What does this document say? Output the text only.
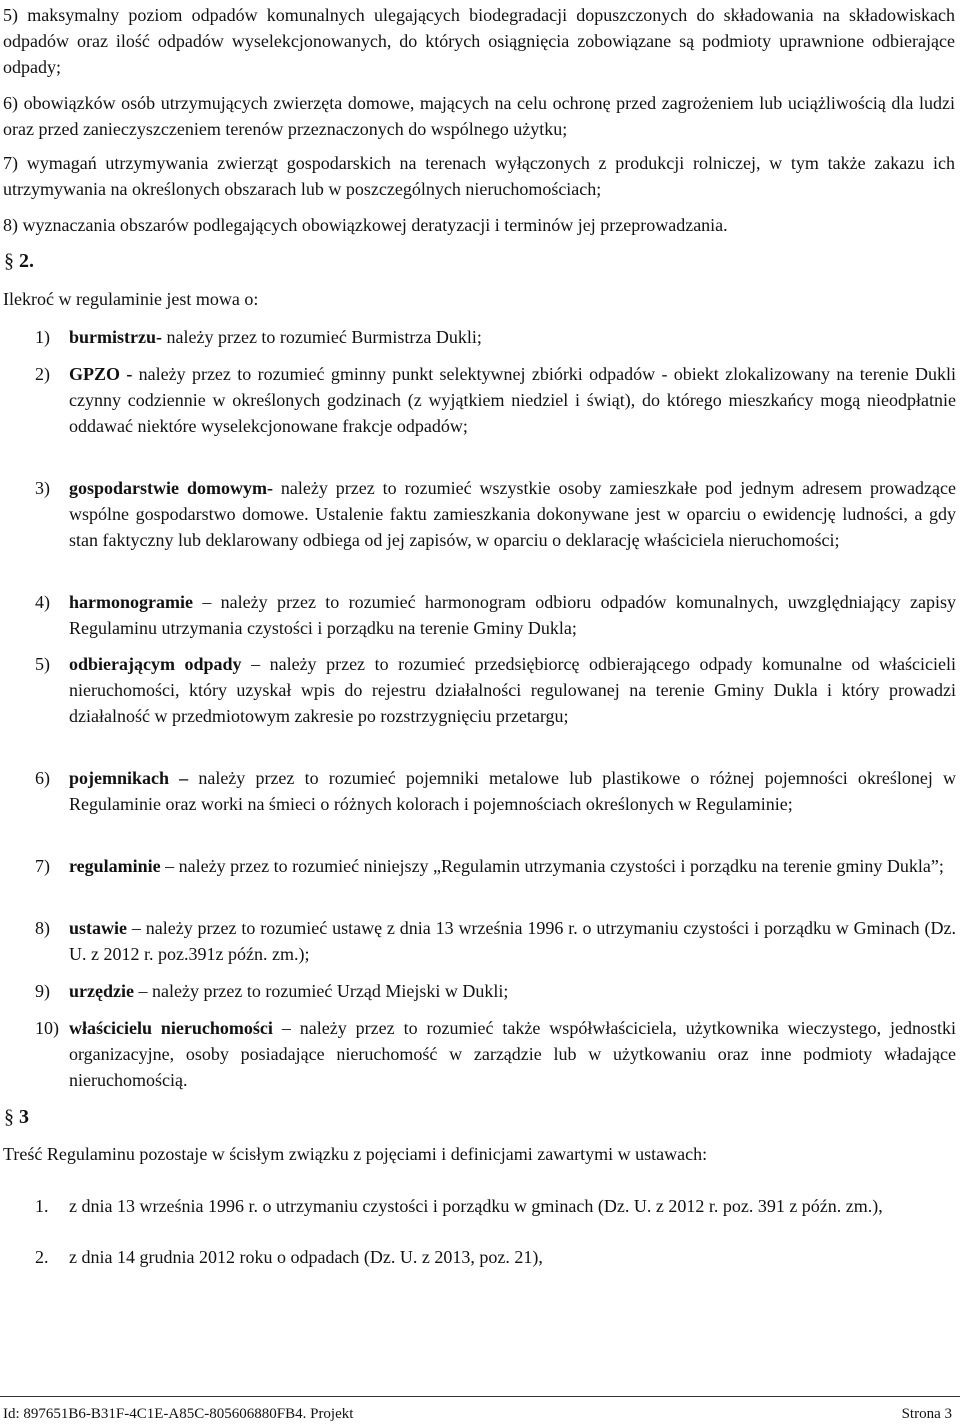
5) maksymalny poziom odpadów komunalnych ulegających biodegradacji dopuszczonych do składowania na składowiskach odpadów oraz ilość odpadów wyselekcjonowanych, do których osiągnięcia zobowiązane są podmioty uprawnione odbierające odpady;

6) obowiązków osób utrzymujących zwierzęta domowe, mających na celu ochronę przed zagrożeniem lub uciążliwością dla ludzi oraz przed zanieczyszczeniem terenów przeznaczonych do wspólnego użytku;

7) wymagań utrzymywania zwierząt gospodarskich na terenach wyłączonych z produkcji rolniczej, w tym także zakazu ich utrzymywania na określonych obszarach lub w poszczególnych nieruchomościach;

8) wyznaczania obszarów podlegających obowiązkowej deratyzacji i terminów jej przeprowadzania.

§ 2.

Ilekroć w regulaminie jest mowa o:

1)	burmistrzu- należy przez to rozumieć Burmistrza Dukli;
2)	GPZO - należy przez to rozumieć gminny punkt selektywnej zbiórki odpadów - obiekt zlokalizowany na terenie Dukli czynny codziennie w określonych godzinach (z wyjątkiem niedziel i świąt), do którego mieszkańcy mogą nieodpłatnie oddawać niektóre wyselekcjonowane frakcje odpadów;
3)	gospodarstwie domowym- należy przez to rozumieć wszystkie osoby zamieszkałe pod jednym adresem prowadzące wspólne gospodarstwo domowe. Ustalenie faktu zamieszkania dokonywane jest w oparciu o ewidencję ludności, a gdy stan faktyczny lub deklarowany odbiega od jej zapisów, w oparciu o deklarację właściciela nieruchomości;
4)	harmonogramie – należy przez to rozumieć harmonogram odbioru odpadów komunalnych, uwzględniający zapisy Regulaminu utrzymania czystości i porządku na terenie Gminy Dukla;
5)	odbierającym odpady – należy przez to rozumieć przedsiębiorcę odbierającego odpady komunalne od właścicieli nieruchomości, który uzyskał wpis do rejestru działalności regulowanej na terenie Gminy Dukla i który prowadzi działalność w przedmiotowym zakresie po rozstrzygnięciu przetargu;
6)	pojemnikach – należy przez to rozumieć pojemniki metalowe lub plastikowe o różnej pojemności określonej w Regulaminie oraz worki na śmieci o różnych kolorach i pojemnościach określonych w Regulaminie;
7)	regulaminie – należy przez to rozumieć niniejszy „Regulamin utrzymania czystości i porządku na terenie gminy Dukla”;
8)	ustawie – należy przez to rozumieć ustawę z dnia 13 września 1996 r. o utrzymaniu czystości i porządku w Gminach (Dz. U. z 2012 r. poz.391z późn. zm.);
9)	urzędzie – należy przez to rozumieć Urząd Miejski w Dukli;
10) właścicielu nieruchomości – należy przez to rozumieć także współwłaściciela, użytkownika wieczystego, jednostki organizacyjne, osoby posiadające nieruchomość w zarządzie lub w użytkowaniu oraz inne podmioty władające nieruchomością.
§ 3

Treść Regulaminu pozostaje w ścisłym związku z pojęciami i definicjami zawartymi w ustawach:

1.	z dnia 13 września 1996 r. o utrzymaniu czystości i porządku w gminach (Dz. U. z 2012 r. poz. 391 z późn. zm.),
2.	z dnia 14 grudnia 2012 roku o odpadach (Dz. U. z 2013, poz. 21),
Id: 897651B6-B31F-4C1E-A85C-805606880FB4. Projekt	Strona 3
